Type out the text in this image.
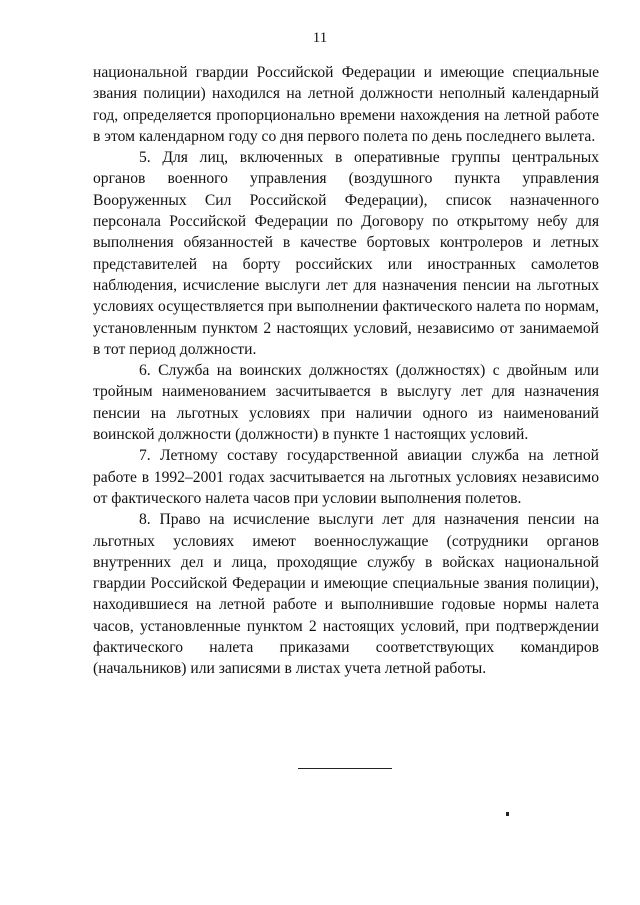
11

национальной гвардии Российской Федерации и имеющие специальные звания полиции) находился на летной должности неполный календарный год, определяется пропорционально времени нахождения на летной работе в этом календарном году со дня первого полета по день последнего вылета.

5. Для лиц, включенных в оперативные группы центральных органов военного управления (воздушного пункта управления Вооруженных Сил Российской Федерации), список назначенного персонала Российской Федерации по Договору по открытому небу для выполнения обязанностей в качестве бортовых контролеров и летных представителей на борту российских или иностранных самолетов наблюдения, исчисление выслуги лет для назначения пенсии на льготных условиях осуществляется при выполнении фактического налета по нормам, установленным пунктом 2 настоящих условий, независимо от занимаемой в тот период должности.

6. Служба на воинских должностях (должностях) с двойным или тройным наименованием засчитывается в выслугу лет для назначения пенсии на льготных условиях при наличии одного из наименований воинской должности (должности) в пункте 1 настоящих условий.

7. Летному составу государственной авиации служба на летной работе в 1992–2001 годах засчитывается на льготных условиях независимо от фактического налета часов при условии выполнения полетов.

8. Право на исчисление выслуги лет для назначения пенсии на льготных условиях имеют военнослужащие (сотрудники органов внутренних дел и лица, проходящие службу в войсках национальной гвардии Российской Федерации и имеющие специальные звания полиции), находившиеся на летной работе и выполнившие годовые нормы налета часов, установленные пунктом 2 настоящих условий, при подтверждении фактического налета приказами соответствующих командиров (начальников) или записями в листах учета летной работы.
